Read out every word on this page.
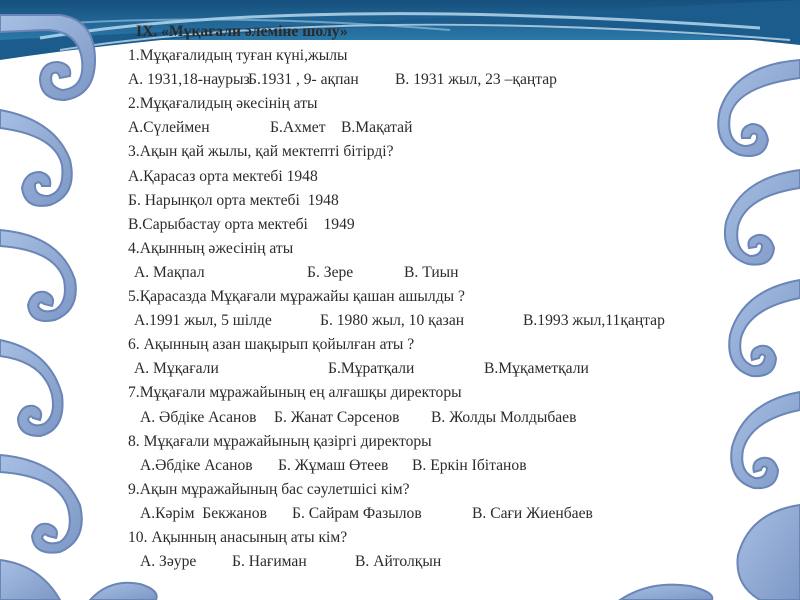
IX. «Мұқағали әлеміне шолу»
1.Мұқағалидың туған күні,жылы
А. 1931,18-наурыз
Б.1931 , 9- ақпан	В. 1931 жыл, 23 –қаңтар
2.Мұқағалидың әкесінің аты
А.Сүлеймен	Б.Ахмет В.Мақатай
3.Ақын қай жылы, қай мектепті бітірді?
А.Қарасаз орта мектебі 1948
Б. Нарынқол орта мектебі  1948
В.Сарыбастау орта мектебі    1949
4.Ақынның әжесінің аты
А. Мақпал	Б. Зере	В. Тиын
5.Қарасазда Мұқағали мұражайы қашан ашылды ?
А.1991 жыл, 5 шілде	Б. 1980 жыл, 10 қазан	В.1993 жыл,11қаңтар
6. Ақынның азан шақырып қойылған аты ?
А. Мұқағали	Б.Мұратқали	В.Мұқаметқали
7.Мұқағали мұражайының ең алғашқы директоры
А. Әбдіке Асанов	Б. Жанат Сәрсенов	В. Жолды Молдыбаев
8. Мұқағали мұражайының қазіргі директоры
А.Әбдіке Асанов	Б. Жұмаш Өтеев	В. Еркін Ібітанов
9.Ақын мұражайының бас сәулетшісі кім?
А.Кәрім  Бекжанов	Б. Сайрам Фазылов	В. Сағи Жиенбаев
10. Ақынның анасының аты кім?
А. Зәуре	Б. Нағиман	В. Айтолқын
